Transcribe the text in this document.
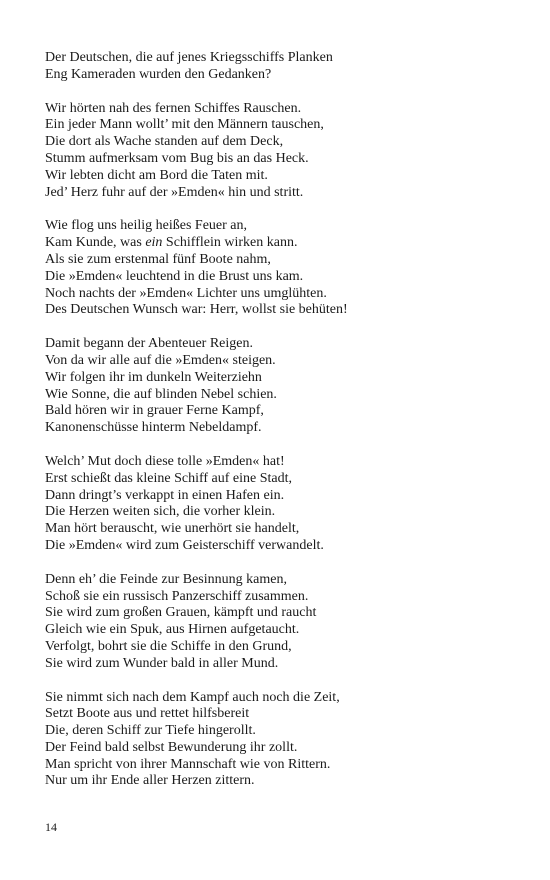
Der Deutschen, die auf jenes Kriegsschiffs Planken
Eng Kameraden wurden den Gedanken?
Wir hörten nah des fernen Schiffes Rauschen.
Ein jeder Mann wollt’ mit den Männern tauschen,
Die dort als Wache standen auf dem Deck,
Stumm aufmerksam vom Bug bis an das Heck.
Wir lebten dicht am Bord die Taten mit.
Jed’ Herz fuhr auf der »Emden« hin und stritt.
Wie flog uns heilig heißes Feuer an,
Kam Kunde, was ein Schifflein wirken kann.
Als sie zum erstenmal fünf Boote nahm,
Die »Emden« leuchtend in die Brust uns kam.
Noch nachts der »Emden« Lichter uns umglühten.
Des Deutschen Wunsch war: Herr, wollst sie behüten!
Damit begann der Abenteuer Reigen.
Von da wir alle auf die »Emden« steigen.
Wir folgen ihr im dunkeln Weiterziehn
Wie Sonne, die auf blinden Nebel schien.
Bald hören wir in grauer Ferne Kampf,
Kanonenschüsse hinterm Nebeldampf.
Welch’ Mut doch diese tolle »Emden« hat!
Erst schießt das kleine Schiff auf eine Stadt,
Dann dringt’s verkappt in einen Hafen ein.
Die Herzen weiten sich, die vorher klein.
Man hört berauscht, wie unerhört sie handelt,
Die »Emden« wird zum Geisterschiff verwandelt.
Denn eh’ die Feinde zur Besinnung kamen,
Schoß sie ein russisch Panzerschiff zusammen.
Sie wird zum großen Grauen, kämpft und raucht
Gleich wie ein Spuk, aus Hirnen aufgetaucht.
Verfolgt, bohrt sie die Schiffe in den Grund,
Sie wird zum Wunder bald in aller Mund.
Sie nimmt sich nach dem Kampf auch noch die Zeit,
Setzt Boote aus und rettet hilfsbereit
Die, deren Schiff zur Tiefe hingerollt.
Der Feind bald selbst Bewunderung ihr zollt.
Man spricht von ihrer Mannschaft wie von Rittern.
Nur um ihr Ende aller Herzen zittern.
14
